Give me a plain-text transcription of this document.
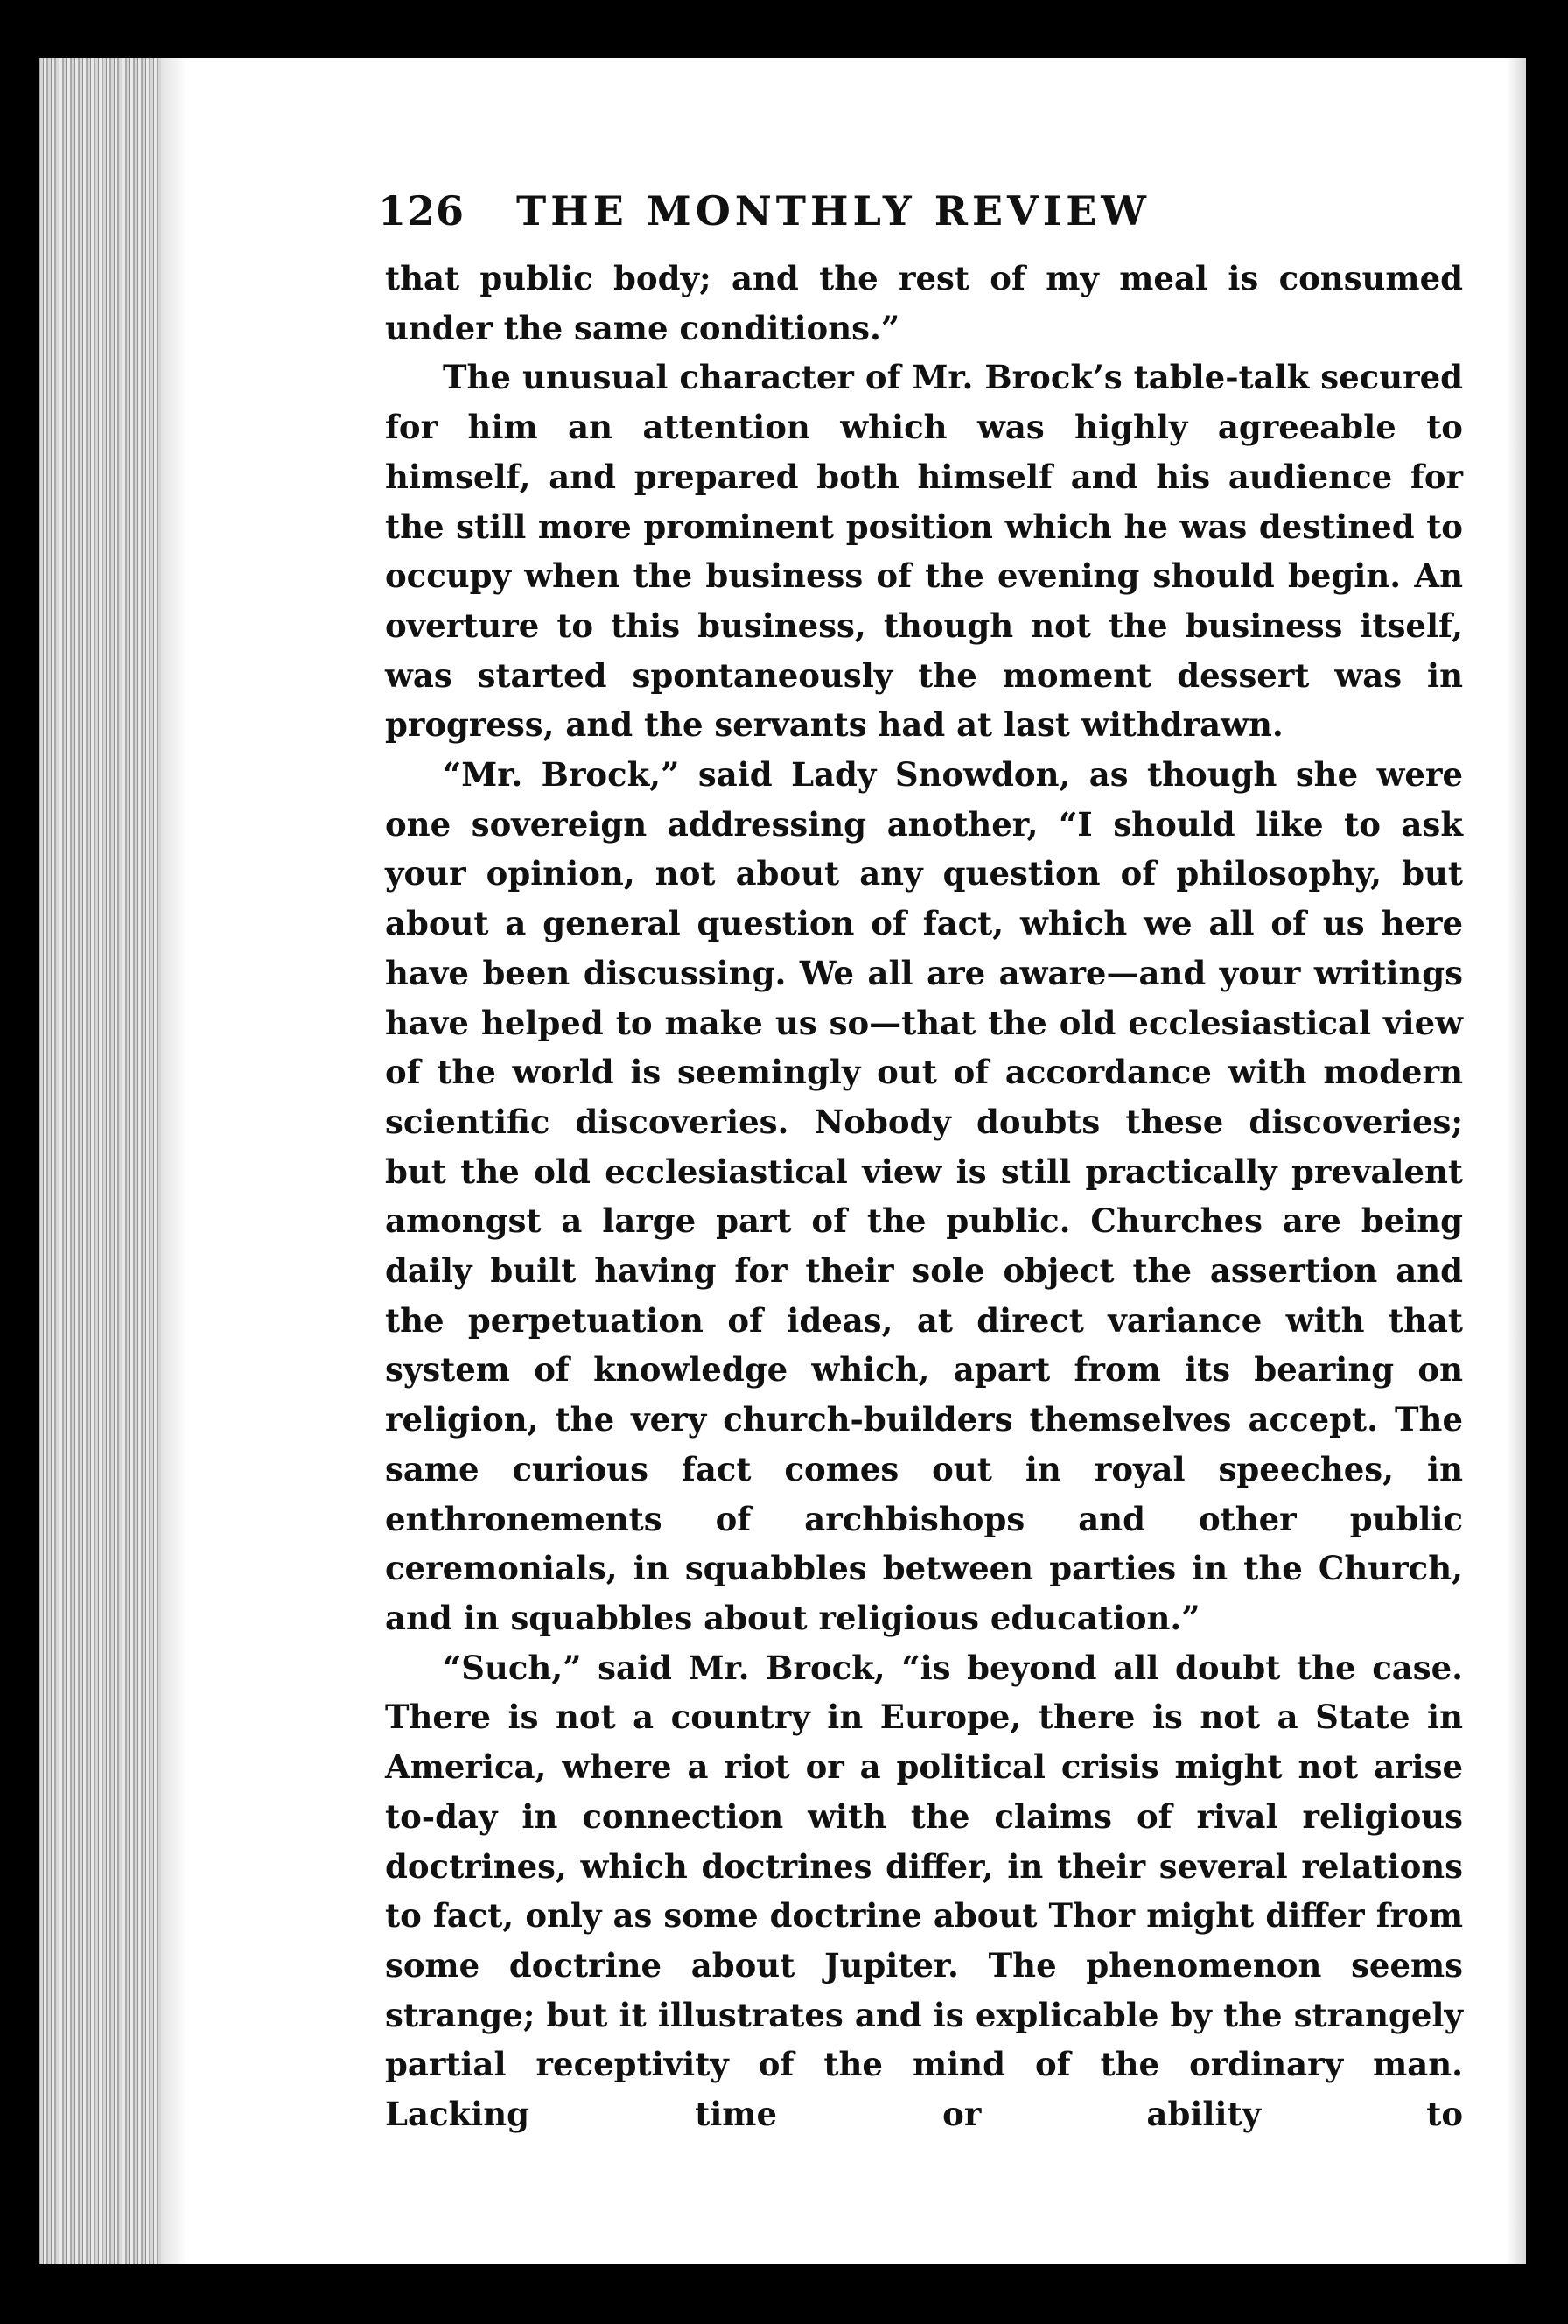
126 THE MONTHLY REVIEW

that public body; and the rest of my meal is consumed under the same conditions.”

The unusual character of Mr. Brock’s table-talk secured for him an attention which was highly agreeable to himself, and prepared both himself and his audience for the still more prominent position which he was destined to occupy when the business of the evening should begin. An overture to this business, though not the business itself, was started spontaneously the moment dessert was in progress, and the servants had at last withdrawn.

“Mr. Brock,” said Lady Snowdon, as though she were one sovereign addressing another, “I should like to ask your opinion, not about any question of philosophy, but about a general question of fact, which we all of us here have been discussing. We all are aware—and your writings have helped to make us so—that the old ecclesiastical view of the world is seemingly out of accordance with modern scientific discoveries. Nobody doubts these discoveries; but the old ecclesiastical view is still practically prevalent amongst a large part of the public. Churches are being daily built having for their sole object the assertion and the perpetuation of ideas, at direct variance with that system of knowledge which, apart from its bearing on religion, the very church-builders themselves accept. The same curious fact comes out in royal speeches, in enthronements of archbishops and other public ceremonials, in squabbles between parties in the Church, and in squabbles about religious education.”

“Such,” said Mr. Brock, “is beyond all doubt the case. There is not a country in Europe, there is not a State in America, where a riot or a political crisis might not arise to-day in connection with the claims of rival religious doctrines, which doctrines differ, in their several relations to fact, only as some doctrine about Thor might differ from some doctrine about Jupiter. The phenomenon seems strange; but it illustrates and is explicable by the strangely partial receptivity of the mind of the ordinary man. Lacking time or ability to
